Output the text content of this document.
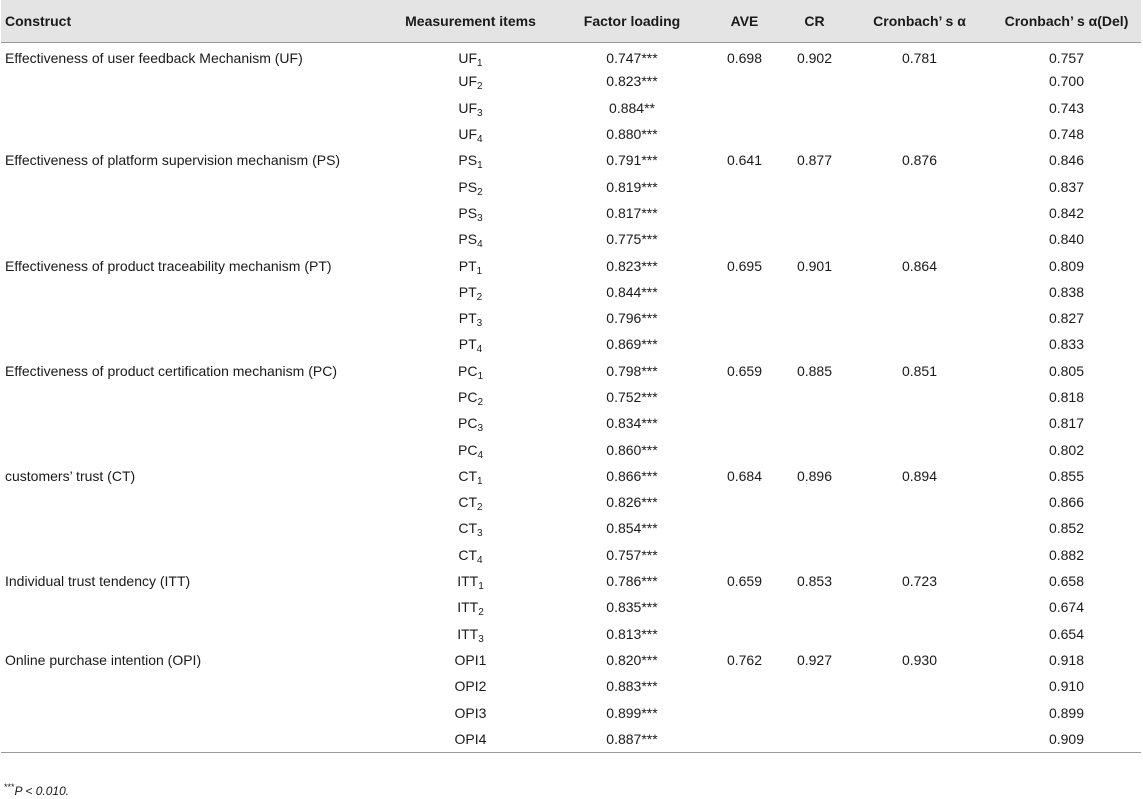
Construct	Measurement items	Factor loading	AVE	CR	Cronbach’ s α	Cronbach’ s α(Del)
Effectiveness of user feedback Mechanism (UF)	$UF_1$	0.747***	0.698	0.902	0.781	0.757
	$UF_2$	0.823***				0.700
	$UF_3$	0.884**				0.743
	$UF_4$	0.880***				0.748
Effectiveness of platform supervision mechanism (PS)	$PS_1$	0.791***	0.641	0.877	0.876	0.846
	$PS_2$	0.819***				0.837
	$PS_3$	0.817***				0.842
	$PS_4$	0.775***				0.840
Effectiveness of product traceability mechanism (PT)	$PT_1$	0.823***	0.695	0.901	0.864	0.809
	$PT_2$	0.844***				0.838
	$PT_3$	0.796***				0.827
	$PT_4$	0.869***				0.833
Effectiveness of product certification mechanism (PC)	$PC_1$	0.798***	0.659	0.885	0.851	0.805
	$PC_2$	0.752***				0.818
	$PC_3$	0.834***				0.817
	$PC_4$	0.860***				0.802
customers’ trust (CT)	$CT_1$	0.866***	0.684	0.896	0.894	0.855
	$CT_2$	0.826***				0.866
	$CT_3$	0.854***				0.852
	$CT_4$	0.757***				0.882
Individual trust tendency (ITT)	$ITT_1$	0.786***	0.659	0.853	0.723	0.658
	$ITT_2$	0.835***				0.674
	$ITT_3$	0.813***				0.654
Online purchase intention (OPI)	OPI1	0.820***	0.762	0.927	0.930	0.918
	OPI2	0.883***				0.910
	OPI3	0.899***				0.899
	OPI4	0.887***				0.909
***P < 0.010.
